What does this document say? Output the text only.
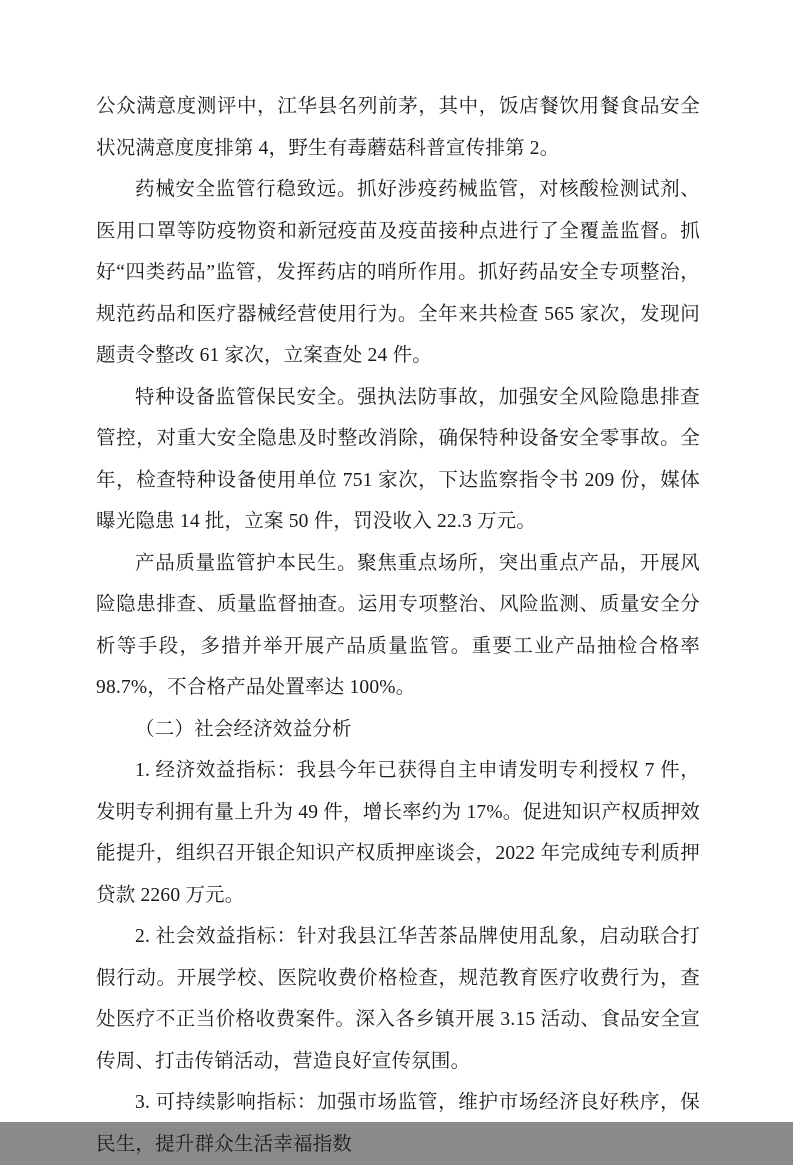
公众满意度测评中，江华县名列前茅，其中，饭店餐饮用餐食品安全状况满意度度排第 4，野生有毒蘑菇科普宣传排第 2。

药械安全监管行稳致远。抓好涉疫药械监管，对核酸检测试剂、医用口罩等防疫物资和新冠疫苗及疫苗接种点进行了全覆盖监督。抓好“四类药品”监管，发挥药店的哨所作用。抓好药品安全专项整治，规范药品和医疗器械经营使用行为。全年来共检查 565 家次，发现问题责令整改 61 家次，立案查处 24 件。

特种设备监管保民安全。强执法防事故，加强安全风险隐患排查管控，对重大安全隐患及时整改消除，确保特种设备安全零事故。全年，检查特种设备使用单位 751 家次，下达监察指令书 209 份，媒体曝光隐患 14 批，立案 50 件，罚没收入 22.3 万元。

产品质量监管护本民生。聚焦重点场所，突出重点产品，开展风险隐患排查、质量监督抽查。运用专项整治、风险监测、质量安全分析等手段，多措并举开展产品质量监管。重要工业产品抽检合格率 98.7%，不合格产品处置率达 100%。

（二）社会经济效益分析

1. 经济效益指标：我县今年已获得自主申请发明专利授权 7 件，发明专利拥有量上升为 49 件，增长率约为 17%。促进知识产权质押效能提升，组织召开银企知识产权质押座谈会，2022 年完成纯专利质押贷款 2260 万元。

2. 社会效益指标：针对我县江华苦茶品牌使用乱象，启动联合打假行动。开展学校、医院收费价格检查，规范教育医疗收费行为，查处医疗不正当价格收费案件。深入各乡镇开展 3.15 活动、食品安全宣传周、打击传销活动，营造良好宣传氛围。

3. 可持续影响指标：加强市场监管，维护市场经济良好秩序，保民生，提升群众生活幸福指数
